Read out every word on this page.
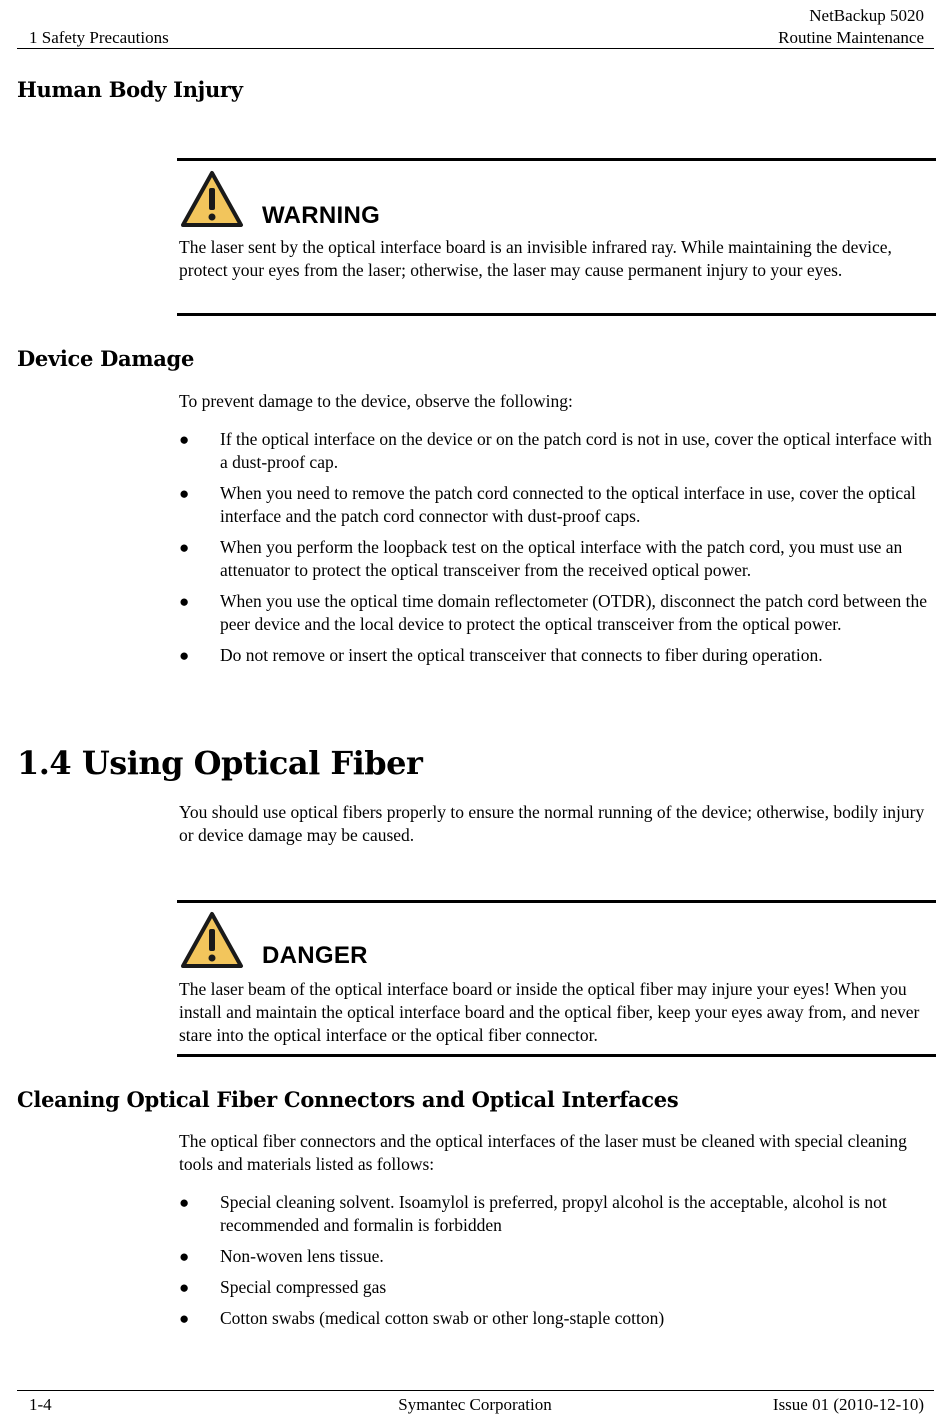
1 Safety Precautions
NetBackup 5020
Routine Maintenance
Human Body Injury
WARNING
The laser sent by the optical interface board is an invisible infrared ray. While maintaining the device, protect your eyes from the laser; otherwise, the laser may cause permanent injury to your eyes.
Device Damage
To prevent damage to the device, observe the following:
● If the optical interface on the device or on the patch cord is not in use, cover the optical interface with a dust-proof cap.
● When you need to remove the patch cord connected to the optical interface in use, cover the optical interface and the patch cord connector with dust-proof caps.
● When you perform the loopback test on the optical interface with the patch cord, you must use an attenuator to protect the optical transceiver from the received optical power.
● When you use the optical time domain reflectometer (OTDR), disconnect the patch cord between the peer device and the local device to protect the optical transceiver from the optical power.
● Do not remove or insert the optical transceiver that connects to fiber during operation.
1.4 Using Optical Fiber
You should use optical fibers properly to ensure the normal running of the device; otherwise, bodily injury or device damage may be caused.
DANGER
The laser beam of the optical interface board or inside the optical fiber may injure your eyes! When you install and maintain the optical interface board and the optical fiber, keep your eyes away from, and never stare into the optical interface or the optical fiber connector.
Cleaning Optical Fiber Connectors and Optical Interfaces
The optical fiber connectors and the optical interfaces of the laser must be cleaned with special cleaning tools and materials listed as follows:
● Special cleaning solvent. Isoamylol is preferred, propyl alcohol is the acceptable, alcohol is not recommended and formalin is forbidden
● Non-woven lens tissue.
● Special compressed gas
● Cotton swabs (medical cotton swab or other long-staple cotton)
1-4	Symantec Corporation	Issue 01 (2010-12-10)
